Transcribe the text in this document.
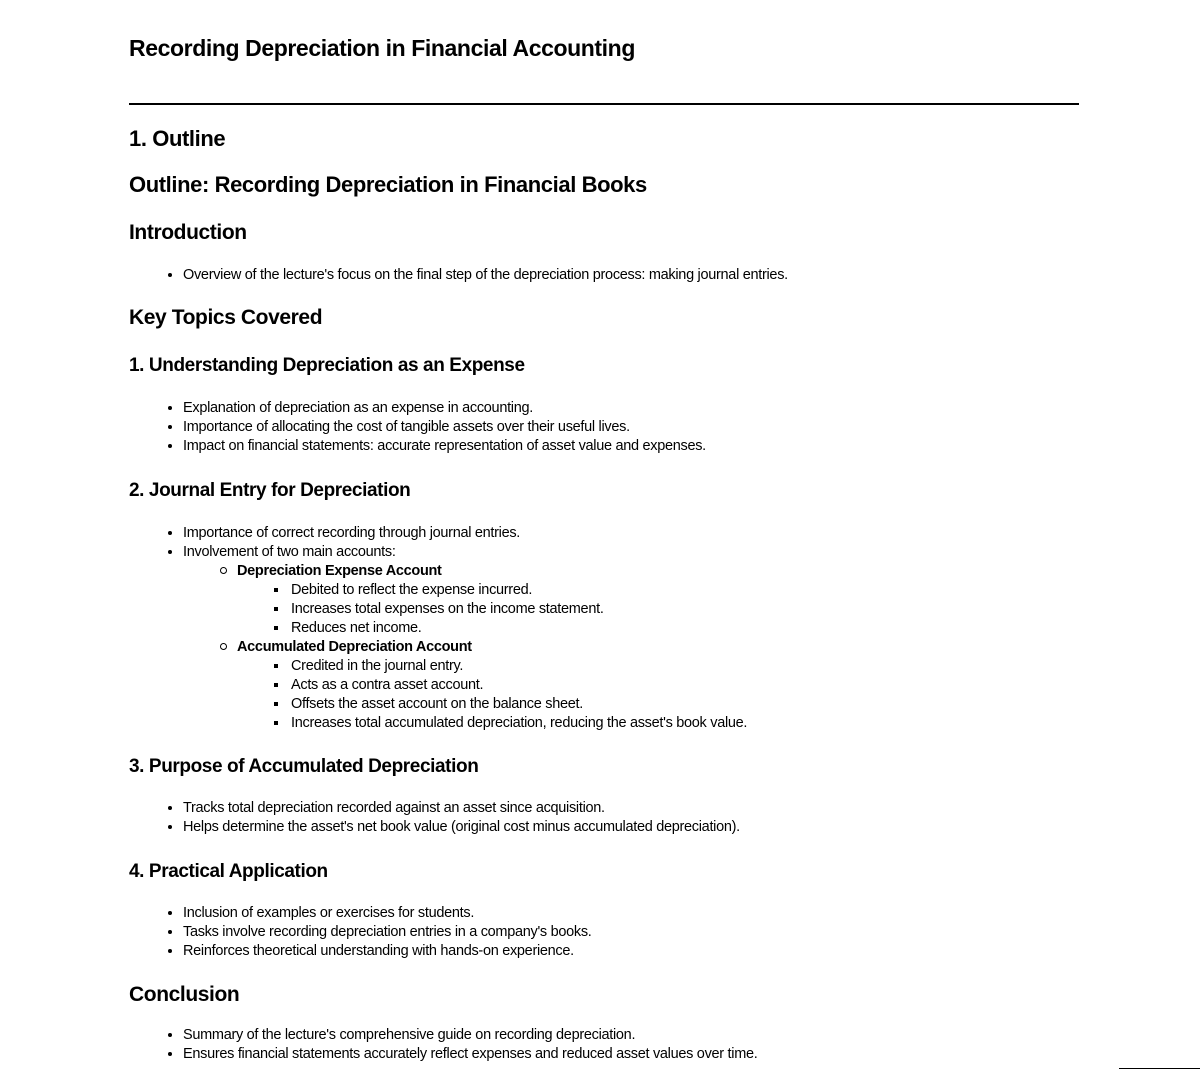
Recording Depreciation in Financial Accounting
1. Outline
Outline: Recording Depreciation in Financial Books
Introduction
Overview of the lecture's focus on the final step of the depreciation process: making journal entries.
Key Topics Covered
1. Understanding Depreciation as an Expense
Explanation of depreciation as an expense in accounting.
Importance of allocating the cost of tangible assets over their useful lives.
Impact on financial statements: accurate representation of asset value and expenses.
2. Journal Entry for Depreciation
Importance of correct recording through journal entries.
Involvement of two main accounts:
Depreciation Expense Account
Debited to reflect the expense incurred.
Increases total expenses on the income statement.
Reduces net income.
Accumulated Depreciation Account
Credited in the journal entry.
Acts as a contra asset account.
Offsets the asset account on the balance sheet.
Increases total accumulated depreciation, reducing the asset's book value.
3. Purpose of Accumulated Depreciation
Tracks total depreciation recorded against an asset since acquisition.
Helps determine the asset's net book value (original cost minus accumulated depreciation).
4. Practical Application
Inclusion of examples or exercises for students.
Tasks involve recording depreciation entries in a company's books.
Reinforces theoretical understanding with hands-on experience.
Conclusion
Summary of the lecture's comprehensive guide on recording depreciation.
Ensures financial statements accurately reflect expenses and reduced asset values over time.
